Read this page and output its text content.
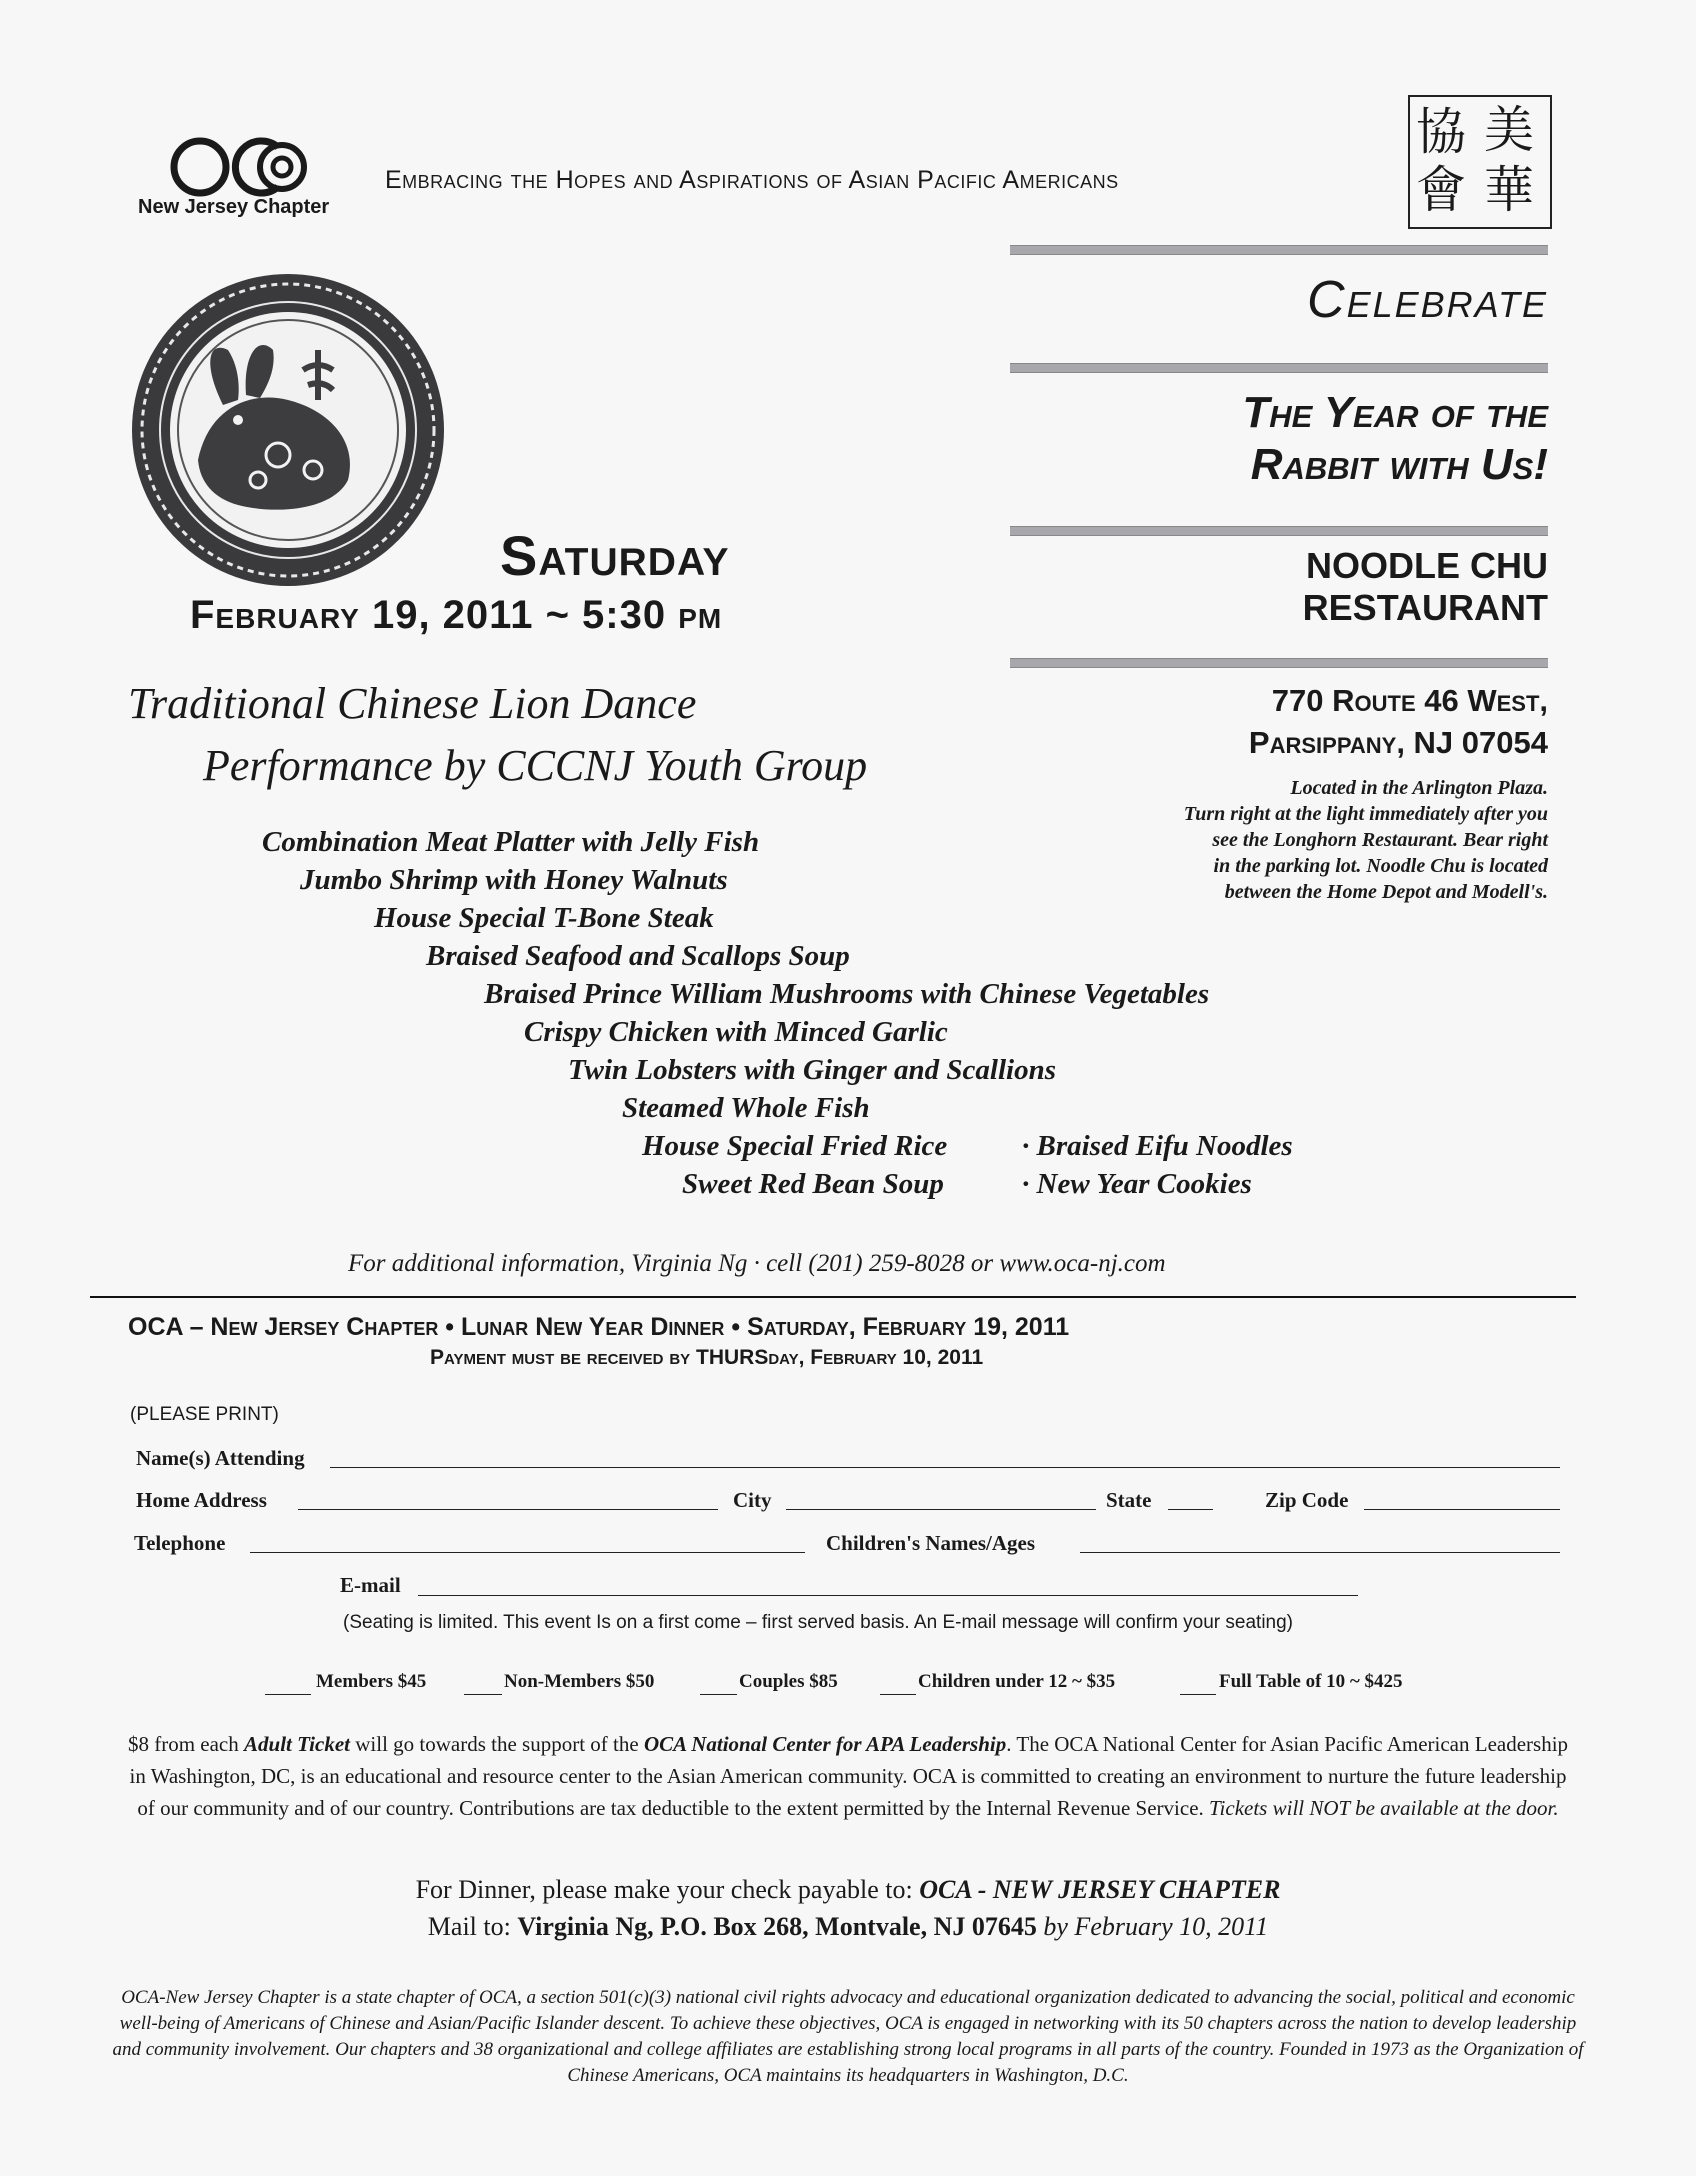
OCA
New Jersey Chapter
Embracing the Hopes and Aspirations of Asian Pacific Americans
協 美
會 華
Celebrate
The Year of the
Rabbit with Us!
NOODLE CHU
RESTAURANT
770 Route 46 West,
Parsippany, NJ 07054
Located in the Arlington Plaza.
Turn right at the light immediately after you
see the Longhorn Restaurant. Bear right
in the parking lot. Noodle Chu is located
between the Home Depot and Modell's.
Saturday
February 19, 2011 ~ 5:30 pm
Traditional Chinese Lion Dance
Performance by CCCNJ Youth Group
Combination Meat Platter with Jelly Fish
Jumbo Shrimp with Honey Walnuts
House Special T-Bone Steak
Braised Seafood and Scallops Soup
Braised Prince William Mushrooms with Chinese Vegetables
Crispy Chicken with Minced Garlic
Twin Lobsters with Ginger and Scallions
Steamed Whole Fish
House Special Fried Rice	· Braised Eifu Noodles
Sweet Red Bean Soup	· New Year Cookies
For additional information, Virginia Ng · cell (201) 259-8028 or www.oca-nj.com
OCA – New Jersey Chapter • Lunar New Year Dinner • Saturday, February 19, 2011
Payment must be received by THURSday, February 10, 2011
(PLEASE PRINT)
Name(s) Attending
Home Address	City	State	Zip Code
Telephone	Children's Names/Ages
E-mail
(Seating is limited. This event Is on a first come – first served basis. An E-mail message will confirm your seating)
Members $45	Non-Members $50	Couples $85	Children under 12 ~ $35	Full Table of 10 ~ $425
$8 from each Adult Ticket will go towards the support of the OCA National Center for APA Leadership. The OCA National Center for Asian Pacific American Leadership in Washington, DC, is an educational and resource center to the Asian American community. OCA is committed to creating an environment to nurture the future leadership of our community and of our country. Contributions are tax deductible to the extent permitted by the Internal Revenue Service. Tickets will NOT be available at the door.
For Dinner, please make your check payable to: OCA - NEW JERSEY CHAPTER
Mail to: Virginia Ng, P.O. Box 268, Montvale, NJ 07645 by February 10, 2011
OCA-New Jersey Chapter is a state chapter of OCA, a section 501(c)(3) national civil rights advocacy and educational organization dedicated to advancing the social, political and economic well-being of Americans of Chinese and Asian/Pacific Islander descent. To achieve these objectives, OCA is engaged in networking with its 50 chapters across the nation to develop leadership and community involvement. Our chapters and 38 organizational and college affiliates are establishing strong local programs in all parts of the country. Founded in 1973 as the Organization of Chinese Americans, OCA maintains its headquarters in Washington, D.C.
